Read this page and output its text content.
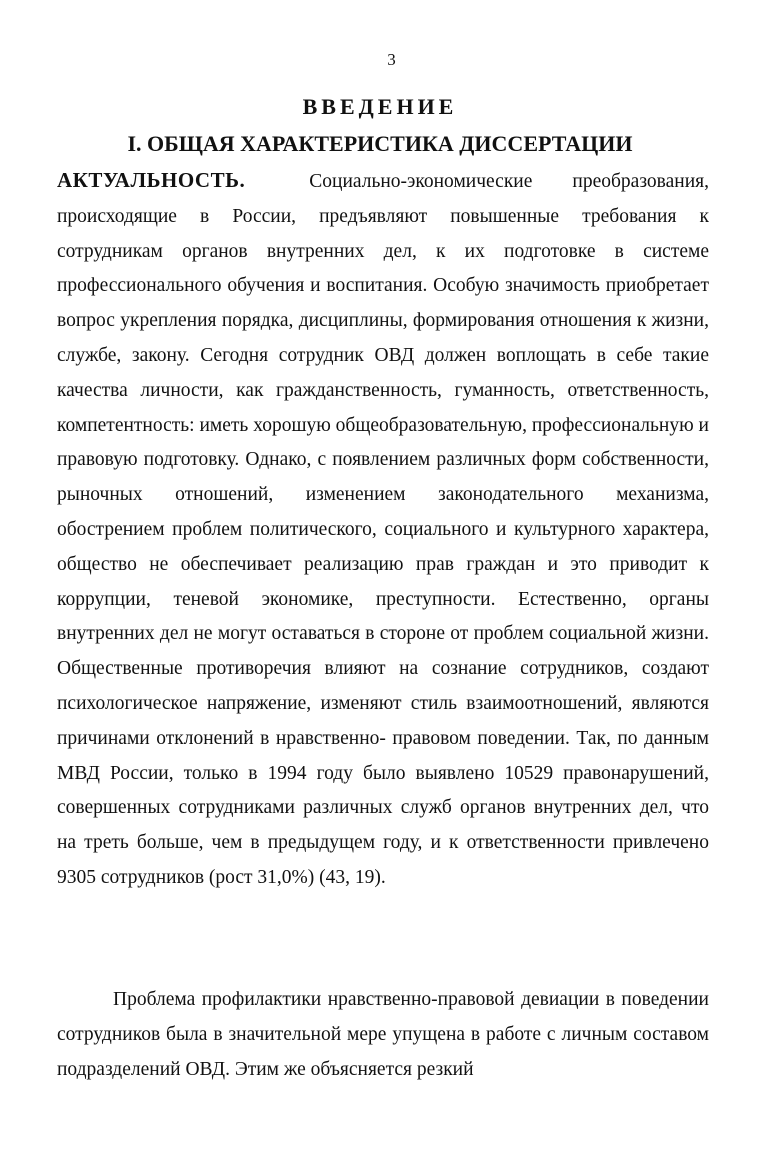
3
ВВЕДЕНИЕ
I. ОБЩАЯ ХАРАКТЕРИСТИКА ДИССЕРТАЦИИ

АКТУАЛЬНОСТЬ.	Социально-экономические преобразования, происходящие в России, предъявляют повышенные требования к сотрудникам органов внутренних дел, к их подготовке в системе профессионального обучения и воспитания. Особую значимость приобретает вопрос укрепления порядка, дисциплины, формирования отношения к жизни, службе, закону. Сегодня сотрудник ОВД должен воплощать в себе такие качества личности, как гражданственность, гуманность, ответственность, компетентность: иметь хорошую общеобразовательную, профессиональную и правовую подготовку. Однако, с появлением различных форм собственности, рыночных отношений, изменением законодательного механизма, обострением проблем политического, социального и культурного характера, общество не обеспечивает реализацию прав граждан и это приводит к коррупции, теневой экономике, преступности. Естественно, органы внутренних дел не могут оставаться в стороне от проблем социальной жизни. Общественные противоречия влияют на сознание сотрудников, создают психологическое напряжение, изменяют стиль взаимоотношений, являются причинами отклонений в нравственно- правовом поведении. Так, по данным МВД России, только в 1994 году было выявлено 10529 правонарушений, совершенных сотрудниками различных служб органов внутренних дел, что на треть больше, чем в предыдущем году, и к ответственности привлечено 9305 сотрудников (рост 31,0%) (43, 19).

Проблема профилактики нравственно-правовой девиации в поведении сотрудников была в значительной мере упущена в работе с личным составом подразделений ОВД. Этим же объясняется резкий
